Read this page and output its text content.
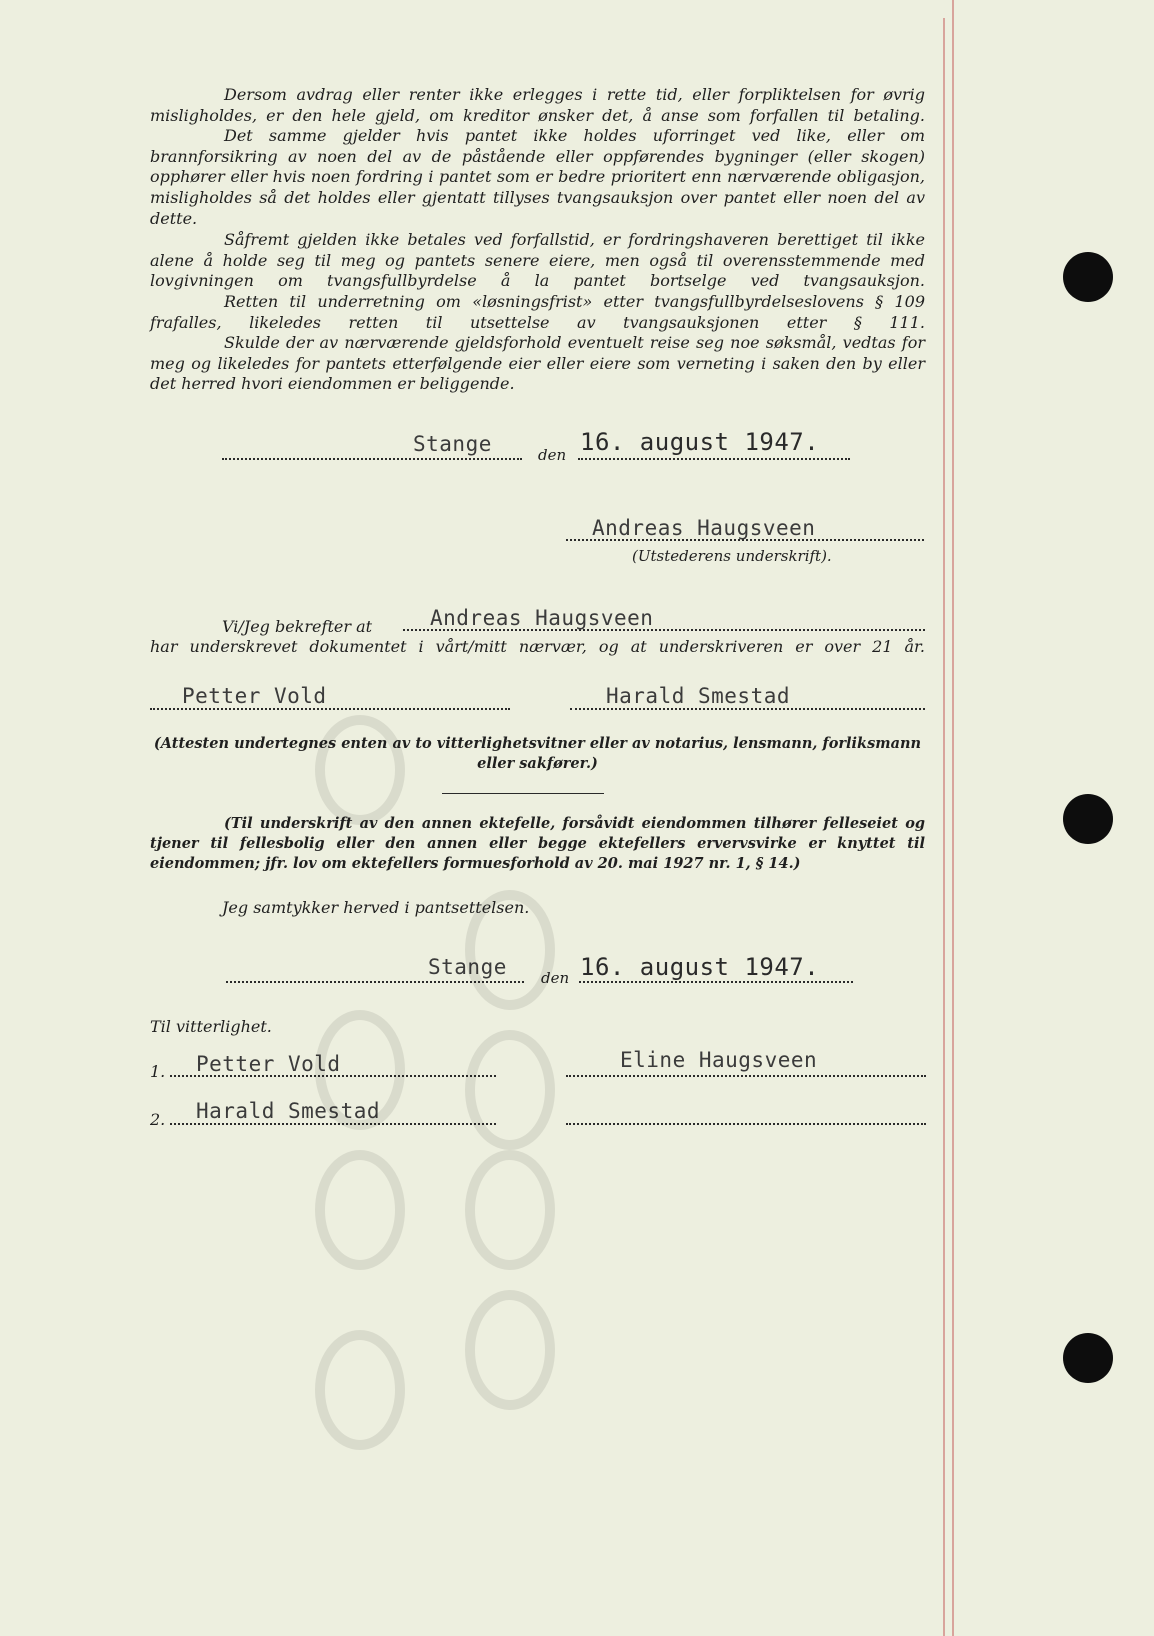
Dersom avdrag eller renter ikke erlegges i rette tid, eller forpliktelsen for øvrig misligholdes, er den hele gjeld, om kreditor ønsker det, å anse som forfallen til betaling.

Det samme gjelder hvis pantet ikke holdes uforringet ved like, eller om brannforsikring av noen del av de påstående eller oppførendes bygninger (eller skogen) opphører eller hvis noen fordring i pantet som er bedre prioritert enn nærværende obligasjon, misligholdes så det holdes eller gjentatt tillyses tvangsauksjon over pantet eller noen del av dette.

Såfremt gjelden ikke betales ved forfallstid, er fordringshaveren berettiget til ikke alene å holde seg til meg og pantets senere eiere, men også til overensstemmende med lovgivningen om tvangsfullbyrdelse å la pantet bortselge ved tvangsauksjon.

Retten til underretning om «løsningsfrist» etter tvangsfullbyrdelseslovens § 109 frafalles, likeledes retten til utsettelse av tvangsauksjonen etter § 111.

Skulde der av nærværende gjeldsforhold eventuelt reise seg noe søksmål, vedtas for meg og likeledes for pantets etterfølgende eier eller eiere som verneting i saken den by eller det herred hvori eiendommen er beliggende.

Stange	den 16. august 1947.
Andreas Haugsveen
(Utstederens underskrift).
Vi/Jeg bekrefter at	Andreas Haugsveen
har underskrevet dokumentet i vårt/mitt nærvær, og at underskriveren er over 21 år.
Petter Vold	Harald Smestad

(Attesten undertegnes enten av to vitterlighetsvitner eller av notarius, lensmann, forliksmann eller sakfører.)

(Til underskrift av den annen ektefelle, forsåvidt eiendommen tilhører felleseiet og tjener til fellesbolig eller den annen eller begge ektefellers ervervsvirke er knyttet til eiendommen; jfr. lov om ektefellers formuesforhold av 20. mai 1927 nr. 1, § 14.)

Jeg samtykker herved i pantsettelsen.
Stange den 16. august 1947.
Til vitterlighet.
1. Petter Vold	Eline Haugsveen
2. Harald Smestad
